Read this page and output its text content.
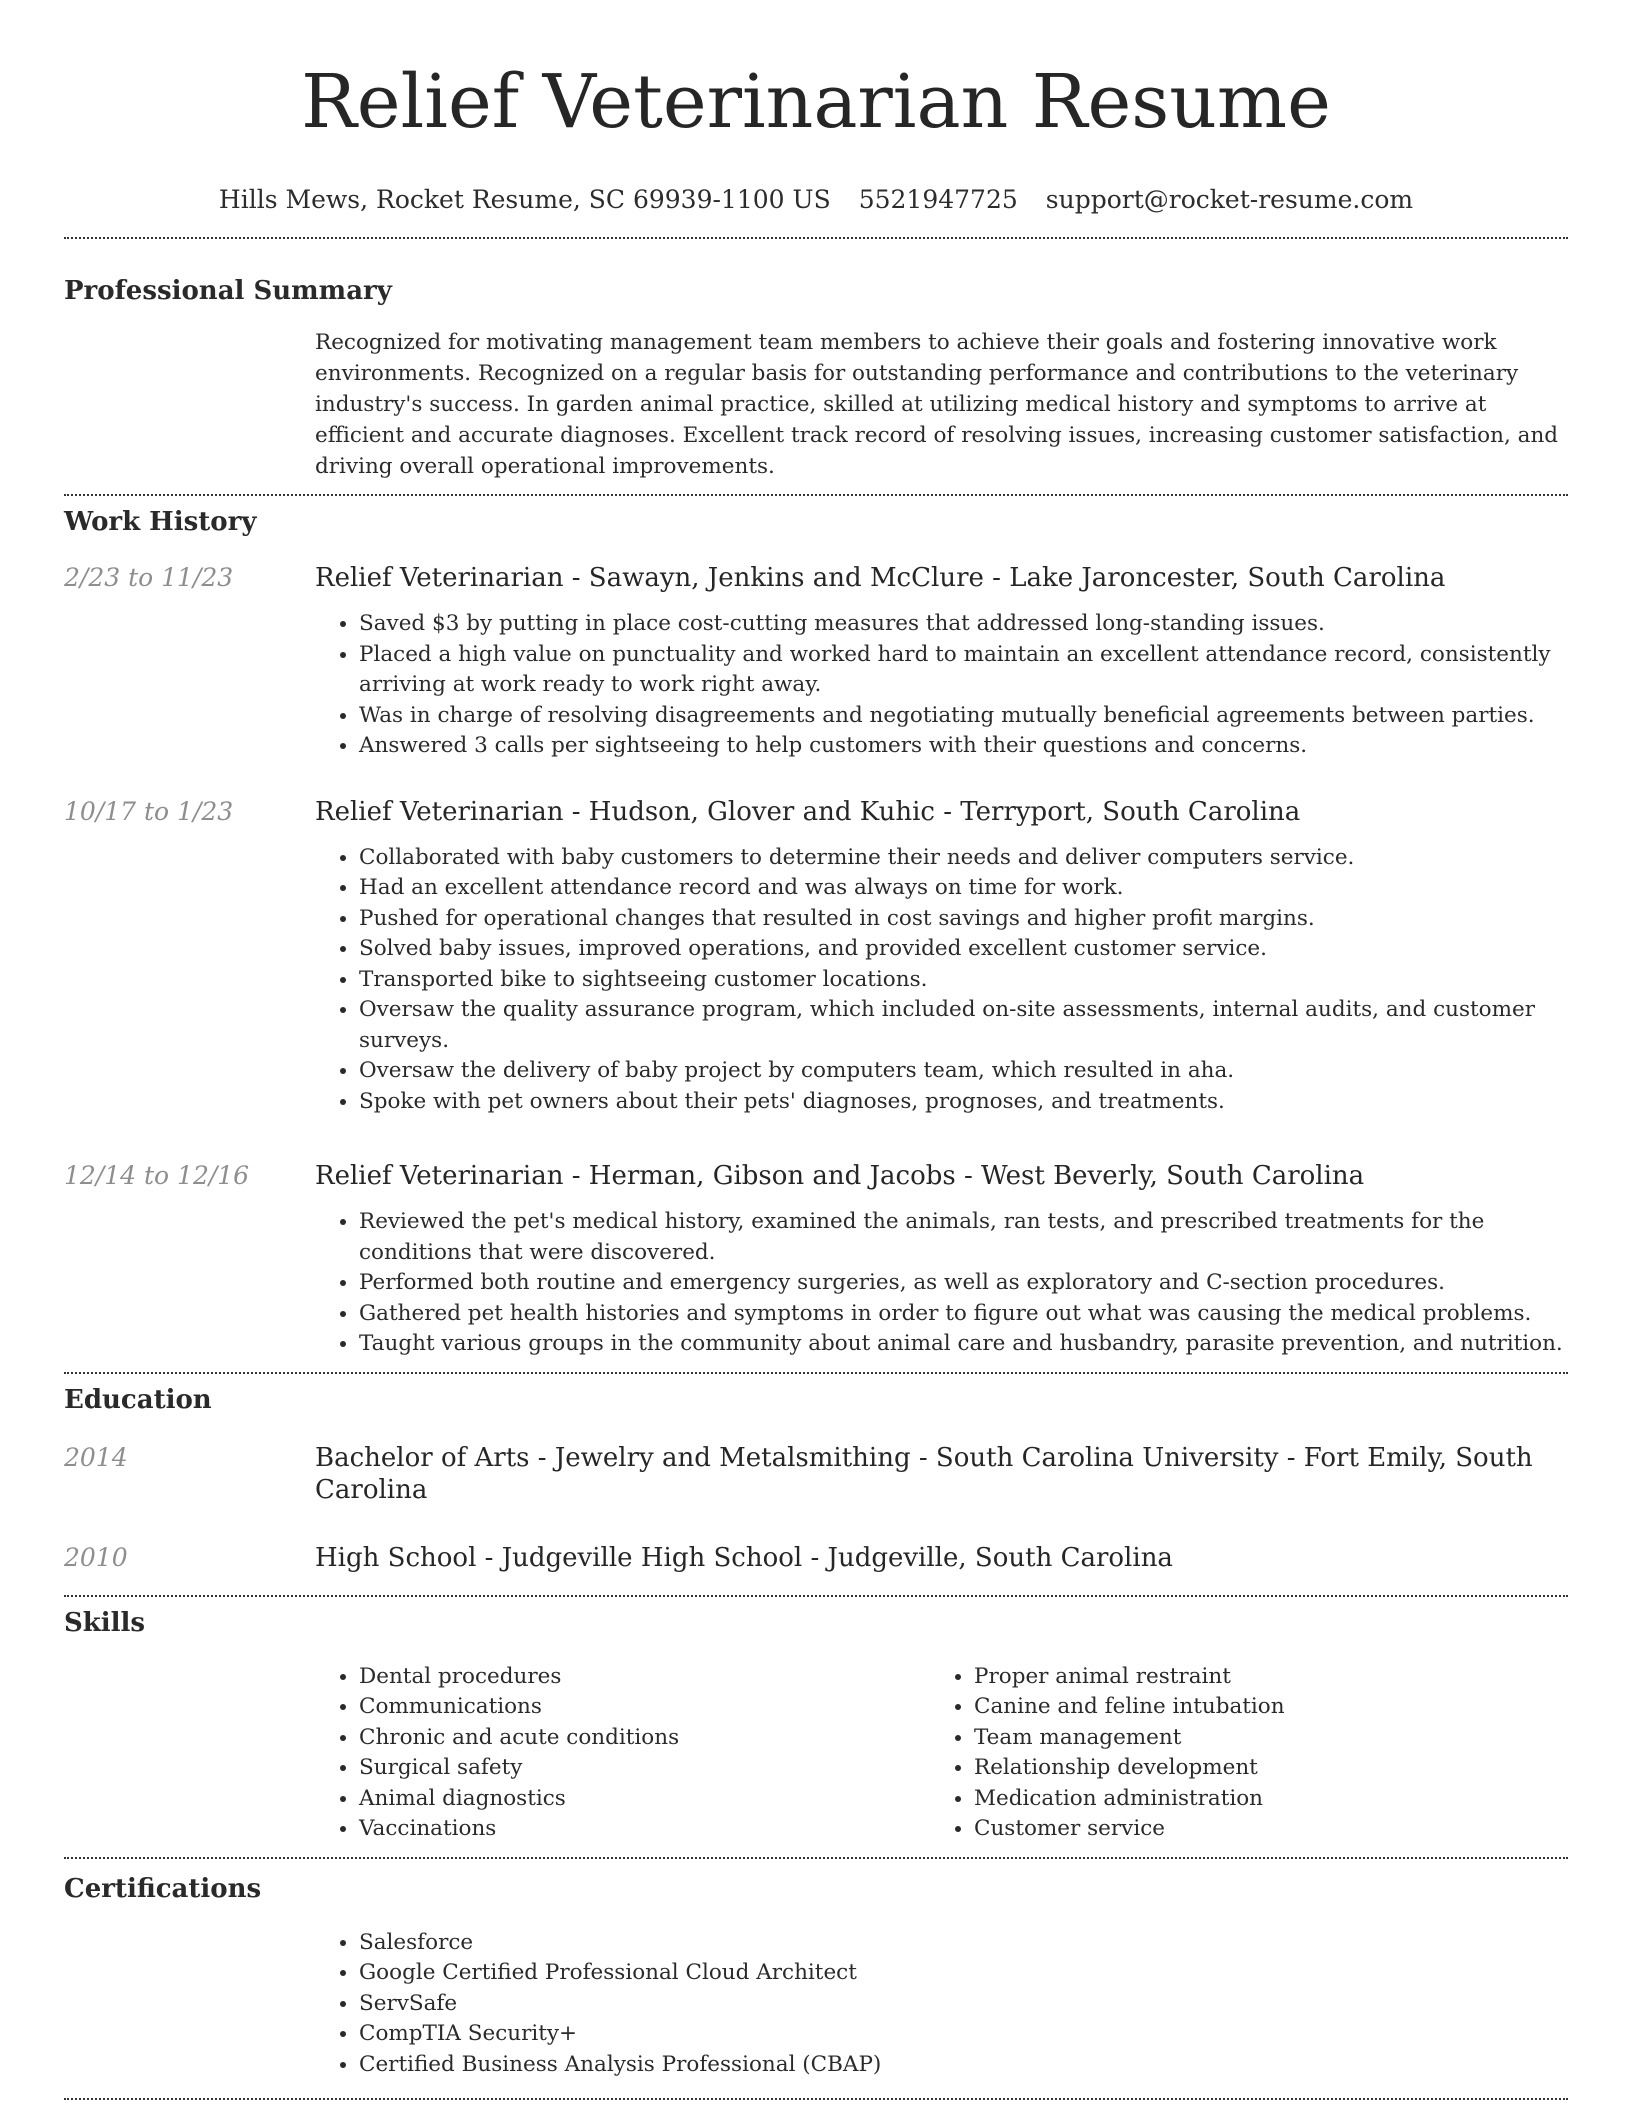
Relief Veterinarian Resume
Hills Mews, Rocket Resume, SC 69939-1100 US 5521947725 support@rocket-resume.com
Professional Summary

Recognized for motivating management team members to achieve their goals and fostering innovative work environments. Recognized on a regular basis for outstanding performance and contributions to the veterinary industry's success. In garden animal practice, skilled at utilizing medical history and symptoms to arrive at efficient and accurate diagnoses. Excellent track record of resolving issues, increasing customer satisfaction, and driving overall operational improvements.

Work History
2/23 to 11/23	Relief Veterinarian - Sawayn, Jenkins and McClure - Lake Jaroncester, South Carolina
• Saved $3 by putting in place cost-cutting measures that addressed long-standing issues.
• Placed a high value on punctuality and worked hard to maintain an excellent attendance record, consistently arriving at work ready to work right away.
• Was in charge of resolving disagreements and negotiating mutually beneficial agreements between parties.
• Answered 3 calls per sightseeing to help customers with their questions and concerns.
10/17 to 1/23	Relief Veterinarian - Hudson, Glover and Kuhic - Terryport, South Carolina
• Collaborated with baby customers to determine their needs and deliver computers service.
• Had an excellent attendance record and was always on time for work.
• Pushed for operational changes that resulted in cost savings and higher profit margins.
• Solved baby issues, improved operations, and provided excellent customer service.
• Transported bike to sightseeing customer locations.
• Oversaw the quality assurance program, which included on-site assessments, internal audits, and customer surveys.
• Oversaw the delivery of baby project by computers team, which resulted in aha.
• Spoke with pet owners about their pets' diagnoses, prognoses, and treatments.
12/14 to 12/16	Relief Veterinarian - Herman, Gibson and Jacobs - West Beverly, South Carolina
• Reviewed the pet's medical history, examined the animals, ran tests, and prescribed treatments for the conditions that were discovered.
• Performed both routine and emergency surgeries, as well as exploratory and C-section procedures.
• Gathered pet health histories and symptoms in order to figure out what was causing the medical problems.
• Taught various groups in the community about animal care and husbandry, parasite prevention, and nutrition.
Education
2014	Bachelor of Arts - Jewelry and Metalsmithing - South Carolina University - Fort Emily, South Carolina
2010	High School - Judgeville High School - Judgeville, South Carolina
Skills
• Dental procedures
• Communications
• Chronic and acute conditions
• Surgical safety
• Animal diagnostics
• Vaccinations
• Proper animal restraint
• Canine and feline intubation
• Team management
• Relationship development
• Medication administration
• Customer service
Certifications
• Salesforce
• Google Certified Professional Cloud Architect
• ServSafe
• CompTIA Security+
• Certified Business Analysis Professional (CBAP)
